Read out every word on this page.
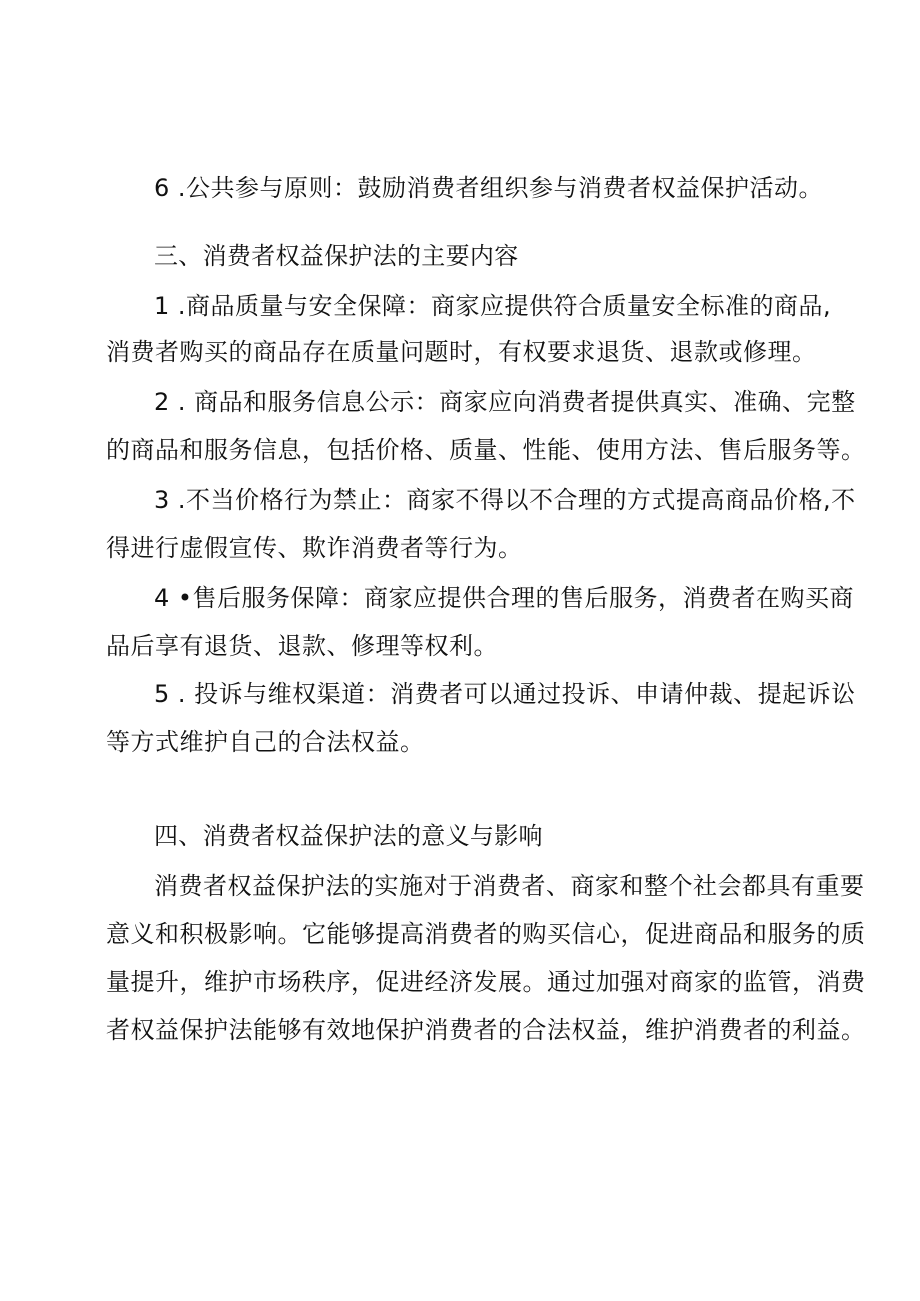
6 .公共参与原则：鼓励消费者组织参与消费者权益保护活动。
三、消费者权益保护法的主要内容
1 .商品质量与安全保障：商家应提供符合质量安全标准的商品,
消费者购买的商品存在质量问题时，有权要求退货、退款或修理。
2 . 商品和服务信息公示：商家应向消费者提供真实、准确、完整
的商品和服务信息，包括价格、质量、性能、使用方法、售后服务等。
3 .不当价格行为禁止：商家不得以不合理的方式提高商品价格,不
得进行虚假宣传、欺诈消费者等行为。
4 •售后服务保障：商家应提供合理的售后服务，消费者在购买商
品后享有退货、退款、修理等权利。
5 . 投诉与维权渠道：消费者可以通过投诉、申请仲裁、提起诉讼
等方式维护自己的合法权益。
四、消费者权益保护法的意义与影响
消费者权益保护法的实施对于消费者、商家和整个社会都具有重要
意义和积极影响。它能够提高消费者的购买信心，促进商品和服务的质
量提升，维护市场秩序，促进经济发展。通过加强对商家的监管，消费
者权益保护法能够有效地保护消费者的合法权益，维护消费者的利益。
